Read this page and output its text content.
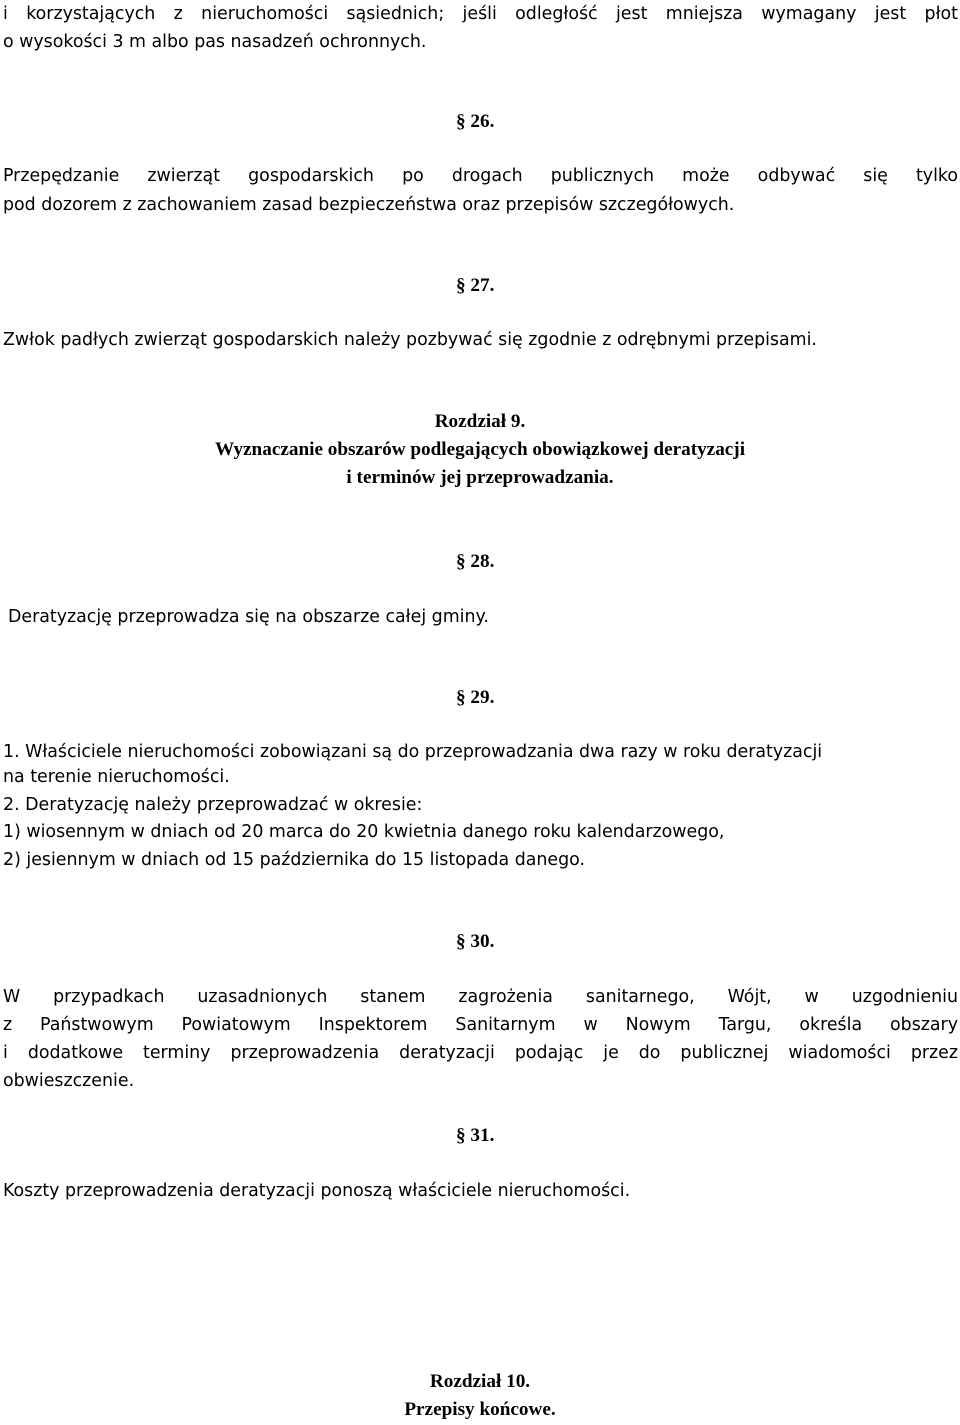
i korzystających z nieruchomości sąsiednich; jeśli odległość jest mniejsza wymagany jest płot
o wysokości 3 m albo pas nasadzeń ochronnych.
§ 26.
Przepędzanie zwierząt gospodarskich po drogach publicznych może odbywać się tylko
pod dozorem z zachowaniem zasad bezpieczeństwa oraz przepisów szczegółowych.
§ 27.
Zwłok padłych zwierząt gospodarskich należy pozbywać się zgodnie z odrębnymi przepisami.
Rozdział 9.
Wyznaczanie obszarów podlegających obowiązkowej deratyzacji
i terminów jej przeprowadzania.
§ 28.
Deratyzację przeprowadza się na obszarze całej gminy.
§ 29.
1. Właściciele nieruchomości zobowiązani są do przeprowadzania dwa razy w roku deratyzacji
na terenie nieruchomości.
2. Deratyzację należy przeprowadzać w okresie:
1) wiosennym w dniach od 20 marca do 20 kwietnia danego roku kalendarzowego,
2) jesiennym w dniach od 15 października do 15 listopada danego.
§ 30.
W przypadkach uzasadnionych stanem zagrożenia sanitarnego, Wójt, w uzgodnieniu
z Państwowym Powiatowym Inspektorem Sanitarnym w Nowym Targu, określa obszary
i dodatkowe terminy przeprowadzenia deratyzacji podając je do publicznej wiadomości przez
obwieszczenie.
§ 31.
Koszty przeprowadzenia deratyzacji ponoszą właściciele nieruchomości.
Rozdział 10.
Przepisy końcowe.
